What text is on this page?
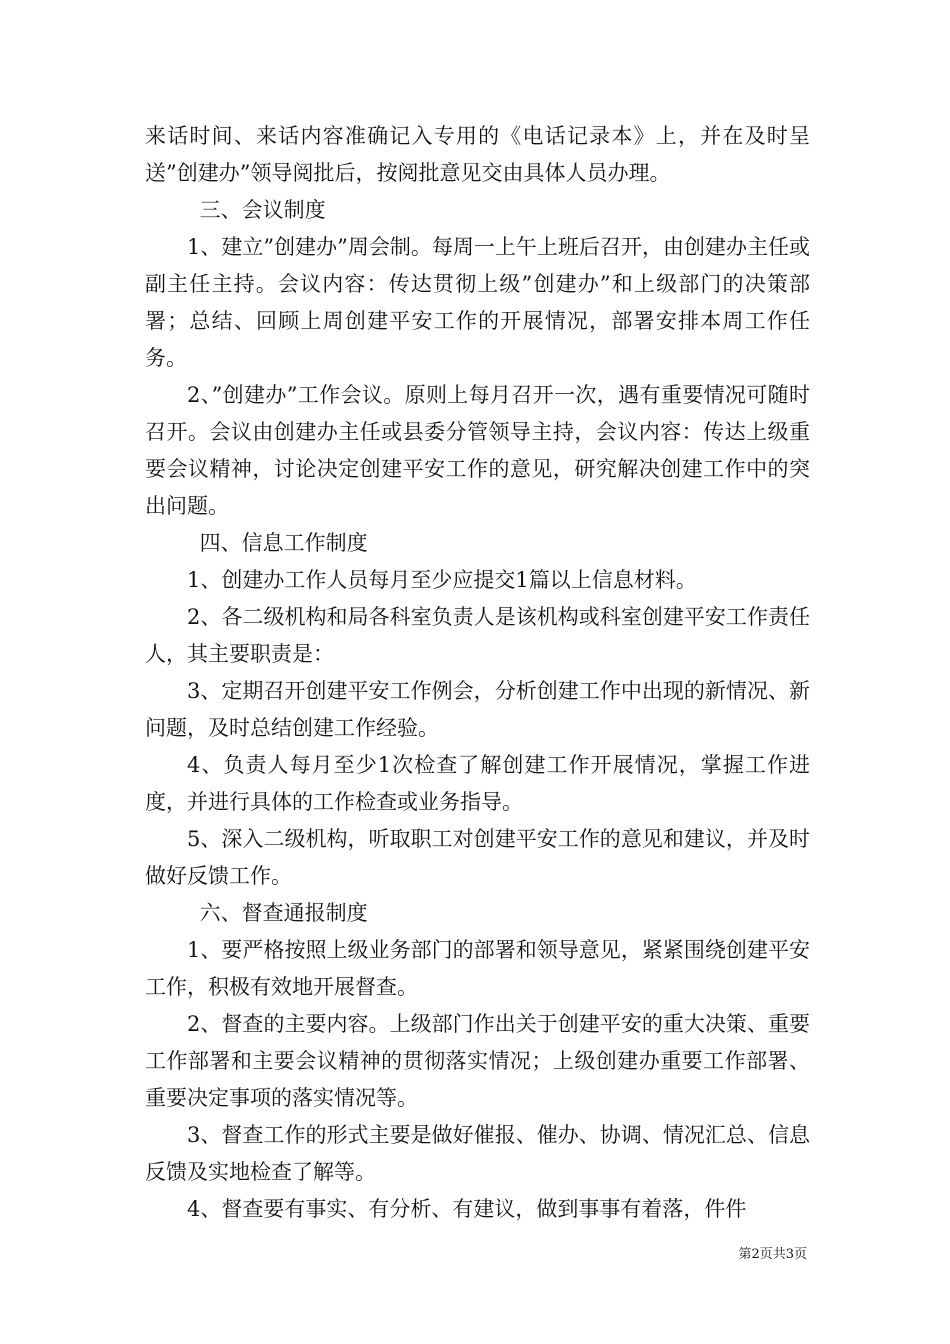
来话时间、来话内容准确记入专用的《电话记录本》上，并在及时呈送”创建办”领导阅批后，按阅批意见交由具体人员办理。

三、会议制度

1、建立”创建办”周会制。每周一上午上班后召开，由创建办主任或副主任主持。会议内容：传达贯彻上级”创建办”和上级部门的决策部署；总结、回顾上周创建平安工作的开展情况，部署安排本周工作任务。

2、”创建办”工作会议。原则上每月召开一次，遇有重要情况可随时召开。会议由创建办主任或县委分管领导主持，会议内容：传达上级重要会议精神，讨论决定创建平安工作的意见，研究解决创建工作中的突出问题。

四、信息工作制度

1、创建办工作人员每月至少应提交1篇以上信息材料。

2、各二级机构和局各科室负责人是该机构或科室创建平安工作责任人，其主要职责是：

3、定期召开创建平安工作例会，分析创建工作中出现的新情况、新问题，及时总结创建工作经验。

4、负责人每月至少1次检查了解创建工作开展情况，掌握工作进度，并进行具体的工作检查或业务指导。

5、深入二级机构，听取职工对创建平安工作的意见和建议，并及时做好反馈工作。

六、督查通报制度

1、要严格按照上级业务部门的部署和领导意见，紧紧围绕创建平安工作，积极有效地开展督查。

2、督查的主要内容。上级部门作出关于创建平安的重大决策、重要工作部署和主要会议精神的贯彻落实情况；上级创建办重要工作部署、重要决定事项的落实情况等。

3、督查工作的形式主要是做好催报、催办、协调、情况汇总、信息反馈及实地检查了解等。

4、督查要有事实、有分析、有建议，做到事事有着落，件件

第2页共3页
